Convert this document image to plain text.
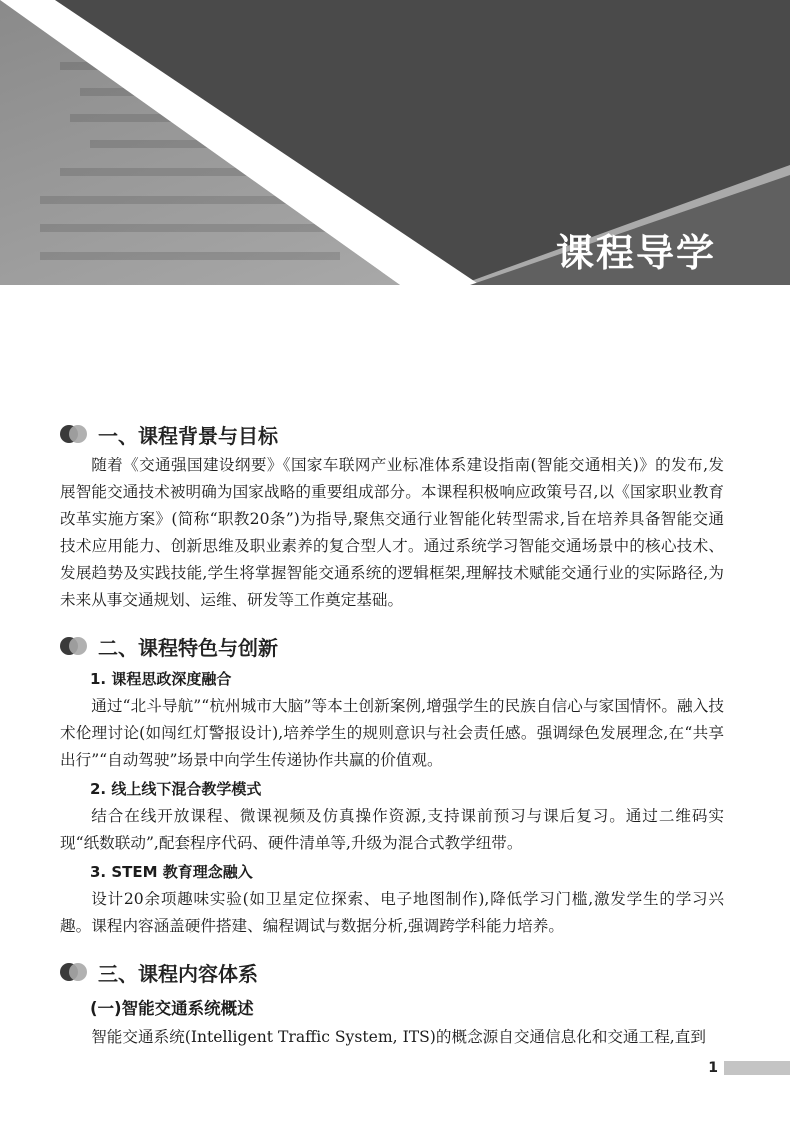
课程导学
一、课程背景与目标

随着《交通强国建设纲要》《国家车联网产业标准体系建设指南(智能交通相关)》的发布,发展智能交通技术被明确为国家战略的重要组成部分。本课程积极响应政策号召,以《国家职业教育改革实施方案》(简称“职教20条”)为指导,聚焦交通行业智能化转型需求,旨在培养具备智能交通技术应用能力、创新思维及职业素养的复合型人才。通过系统学习智能交通场景中的核心技术、发展趋势及实践技能,学生将掌握智能交通系统的逻辑框架,理解技术赋能交通行业的实际路径,为未来从事交通规划、运维、研发等工作奠定基础。

二、课程特色与创新
1. 课程思政深度融合

通过“北斗导航”“杭州城市大脑”等本土创新案例,增强学生的民族自信心与家国情怀。融入技术伦理讨论(如闯红灯警报设计),培养学生的规则意识与社会责任感。强调绿色发展理念,在“共享出行”“自动驾驶”场景中向学生传递协作共赢的价值观。

2. 线上线下混合教学模式

结合在线开放课程、微课视频及仿真操作资源,支持课前预习与课后复习。通过二维码实现“纸数联动”,配套程序代码、硬件清单等,升级为混合式教学纽带。

3. STEM 教育理念融入

设计20余项趣味实验(如卫星定位探索、电子地图制作),降低学习门槛,激发学生的学习兴趣。课程内容涵盖硬件搭建、编程调试与数据分析,强调跨学科能力培养。

三、课程内容体系
(一)智能交通系统概述

智能交通系统(Intelligent Traffic System, ITS)的概念源自交通信息化和交通工程,直到

1
